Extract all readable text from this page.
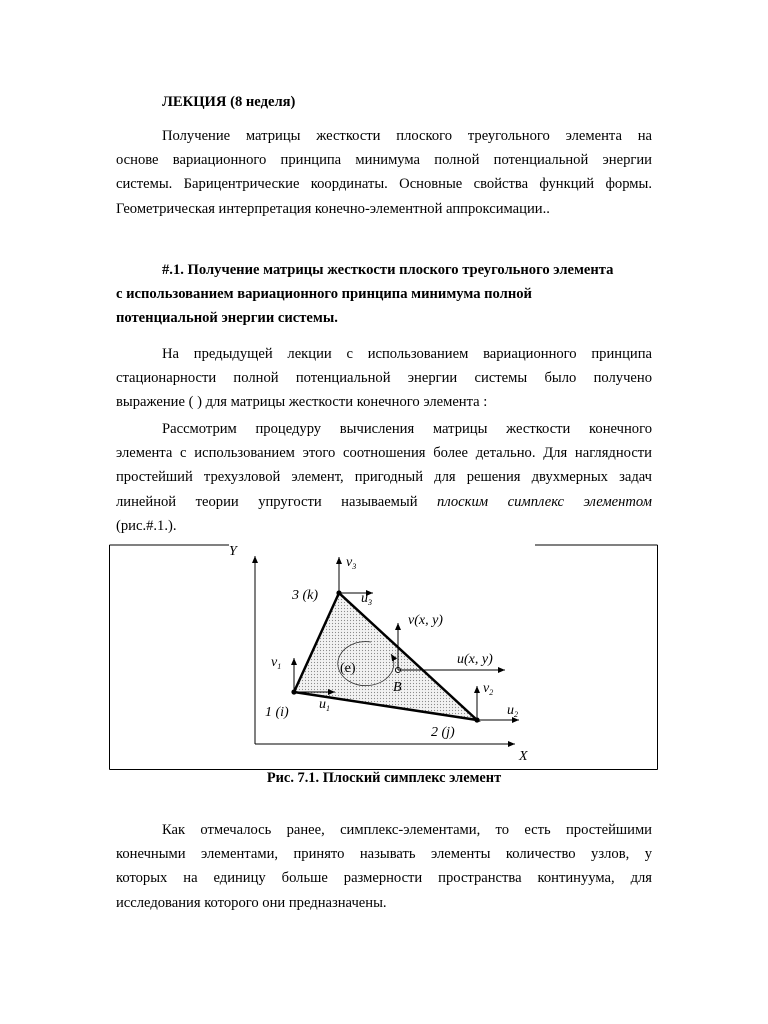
ЛЕКЦИЯ (8 неделя)
Получение матрицы жесткости плоского треугольного элемента на
основе вариационного принципа минимума полной потенциальной энергии
системы. Барицентрические координаты. Основные свойства функций формы.
Геометрическая интерпретация конечно-элементной аппроксимации..
#.1. Получение матрицы жесткости плоского треугольного элемента
с использованием вариационного принципа минимума полной
потенциальной энергии системы.
На предыдущей лекции с использованием вариационного принципа
стационарности полной потенциальной энергии системы было получено
выражение ( ) для матрицы жесткости конечного элемента :
Рассмотрим процедуру вычисления матрицы жесткости конечного
элемента с использованием этого соотношения более детально. Для наглядности
простейший трехузловой элемент, пригодный для решения двухмерных задач
линейной теории упругости называемый плоским симплекс элементом
(рис.#.1.).
Y
X
(e)
v(x, y)
u(x, y)
B
$v_3$
$u_3$
3 (k)
$v_1$
$u_1$
1 (i)
$v_2$
$u_2$
2 (j)
Рис. 7.1. Плоский симплекс элемент
Как отмечалось ранее, симплекс-элементами, то есть простейшими
конечными элементами, принято называть элементы количество узлов, у
которых на единицу больше размерности пространства континуума, для
исследования которого они предназначены.
